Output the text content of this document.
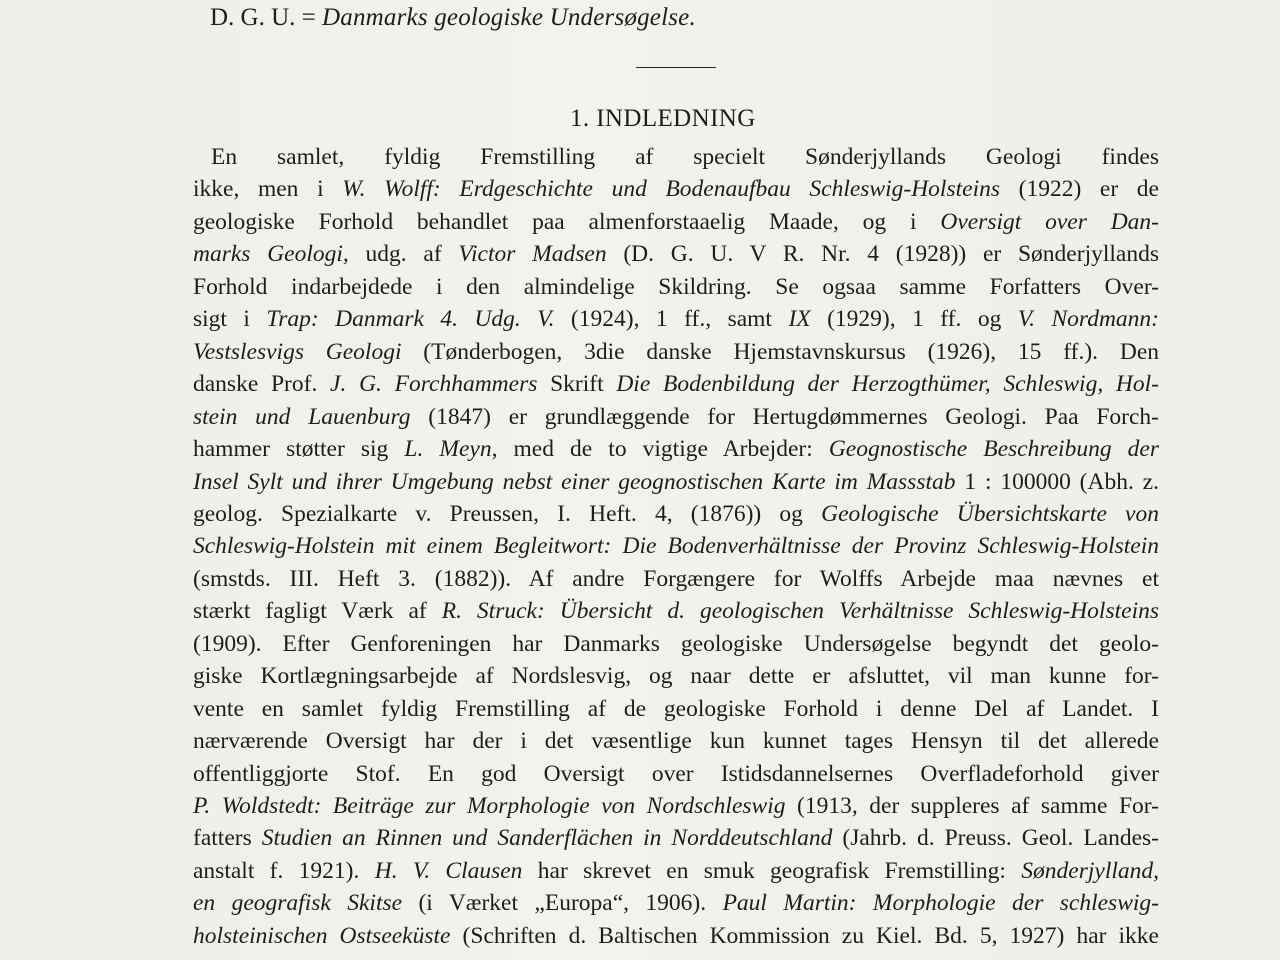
D. G. U. = Danmarks geologiske Undersøgelse.
1. INDLEDNING
En samlet, fyldig Fremstilling af specielt Sønderjyllands Geologi findes
ikke, men i W. Wolff: Erdgeschichte und Bodenaufbau Schleswig-Holsteins (1922) er de
geologiske Forhold behandlet paa almenforstaaelig Maade, og i Oversigt over Dan-
marks Geologi, udg. af Victor Madsen (D. G. U. V R. Nr. 4 (1928)) er Sønderjyllands
Forhold indarbejdede i den almindelige Skildring. Se ogsaa samme Forfatters Over-
sigt i Trap: Danmark 4. Udg. V. (1924), 1 ff., samt IX (1929), 1 ff. og V. Nordmann:
Vestslesvigs Geologi (Tønderbogen, 3die danske Hjemstavnskursus (1926), 15 ff.). Den
danske Prof. J. G. Forchhammers Skrift Die Bodenbildung der Herzogthümer, Schleswig, Hol-
stein und Lauenburg (1847) er grundlæggende for Hertugdømmernes Geologi. Paa Forch-
hammer støtter sig L. Meyn, med de to vigtige Arbejder: Geognostische Beschreibung der
Insel Sylt und ihrer Umgebung nebst einer geognostischen Karte im Massstab 1 : 100000 (Abh. z.
geolog. Spezialkarte v. Preussen, I. Heft. 4, (1876)) og Geologische Übersichtskarte von
Schleswig-Holstein mit einem Begleitwort: Die Bodenverhältnisse der Provinz Schleswig-Holstein
(smstds. III. Heft 3. (1882)). Af andre Forgængere for Wolffs Arbejde maa nævnes et
stærkt fagligt Værk af R. Struck: Übersicht d. geologischen Verhältnisse Schleswig-Holsteins
(1909). Efter Genforeningen har Danmarks geologiske Undersøgelse begyndt det geolo-
giske Kortlægningsarbejde af Nordslesvig, og naar dette er afsluttet, vil man kunne for-
vente en samlet fyldig Fremstilling af de geologiske Forhold i denne Del af Landet. I
nærværende Oversigt har der i det væsentlige kun kunnet tages Hensyn til det allerede
offentliggjorte Stof. En god Oversigt over Istidsdannelsernes Overfladeforhold giver
P. Woldstedt: Beiträge zur Morphologie von Nordschleswig (1913, der suppleres af samme For-
fatters Studien an Rinnen und Sanderflächen in Norddeutschland (Jahrb. d. Preuss. Geol. Landes-
anstalt f. 1921). H. V. Clausen har skrevet en smuk geografisk Fremstilling: Sønderjylland,
en geografisk Skitse (i Værket „Europa“, 1906). Paul Martin: Morphologie der schleswig-
holsteinischen Ostseeküste (Schriften d. Baltischen Kommission zu Kiel. Bd. 5, 1927) har ikke
